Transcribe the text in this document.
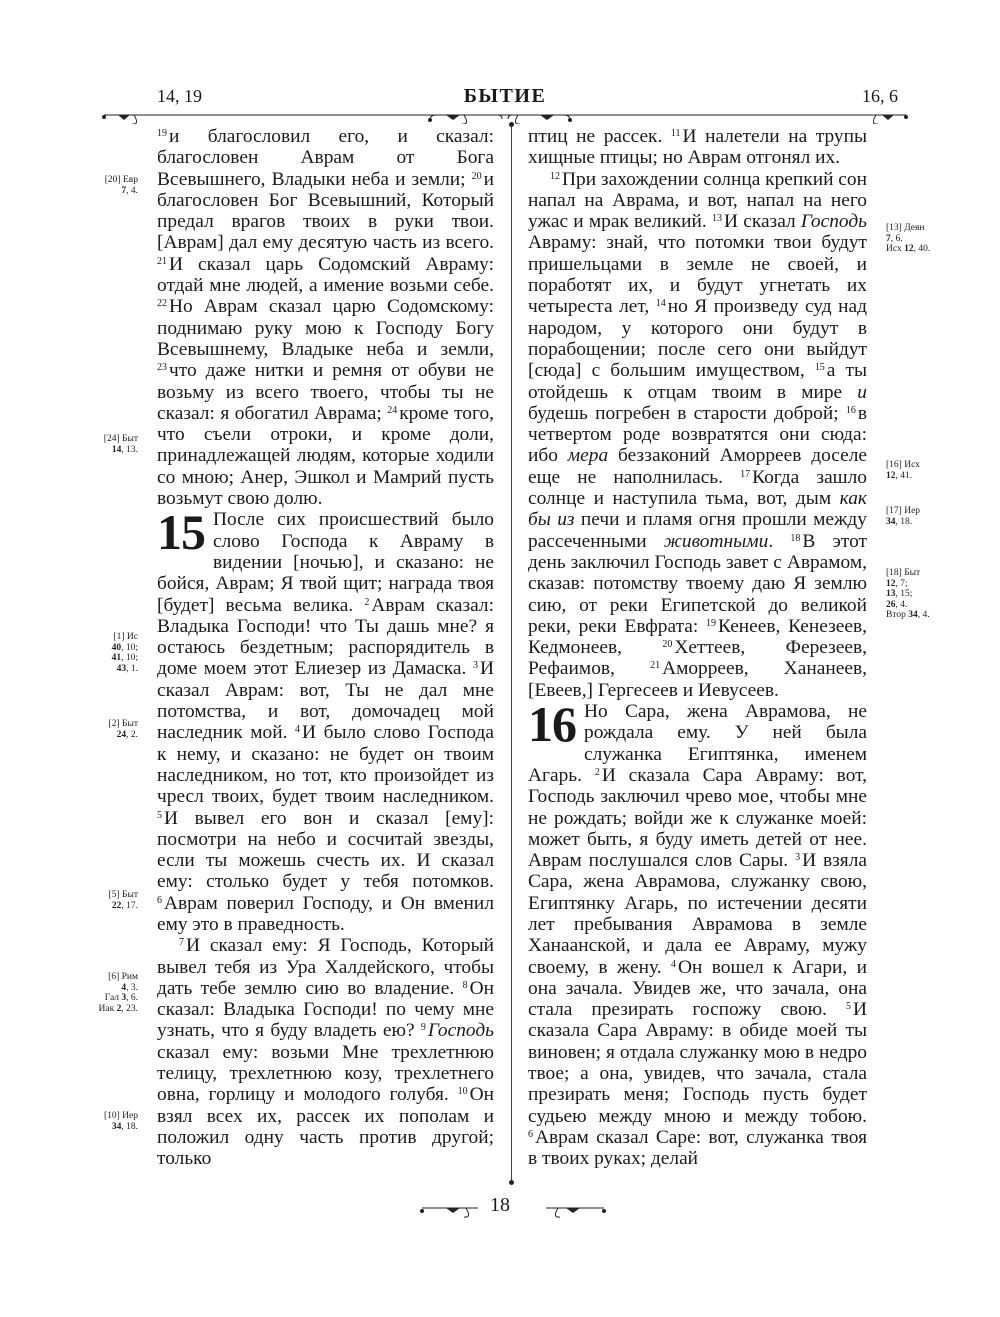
14, 19	БЫТИЕ	16, 6

$^{19}$ и благословил его, и сказал: благословен Аврам от Бога Всевышнего, Владыки неба и земли; $^{20}$ и благословен Бог Всевышний, Который предал врагов твоих в руки твои. [Аврам] дал ему десятую часть из всего. $^{21}$ И сказал царь Содомский Авраму: отдай мне людей, а имение возьми себе. $^{22}$ Но Аврам сказал царю Содомскому: поднимаю руку мою к Господу Богу Всевышнему, Владыке неба и земли, $^{23}$ что даже нитки и ремня от обуви не возьму из всего твоего, чтобы ты не сказал: я обогатил Аврама; $^{24}$ кроме того, что съели отроки, и кроме доли, принадлежащей людям, которые ходили со мною; Анер, Эшкол и Мамрий пусть возьмут свою долю.

15 После сих происшествий было слово Господа к Авраму в видении [ночью], и сказано: не бойся, Аврам; Я твой щит; награда твоя [будет] весьма велика. $^2$ Аврам сказал: Владыка Господи! что Ты дашь мне? я остаюсь бездетным; распорядитель в доме моем этот Елиезер из Дамаска. $^3$ И сказал Аврам: вот, Ты не дал мне потомства, и вот, домочадец мой наследник мой. $^4$ И было слово Господа к нему, и сказано: не будет он твоим наследником, но тот, кто произойдет из чресл твоих, будет твоим наследником. $^5$ И вывел его вон и сказал [ему]: посмотри на небо и сосчитай звезды, если ты можешь счесть их. И сказал ему: столько будет у тебя потомков. $^6$ Аврам поверил Господу, и Он вменил ему это в праведность.

$^7$ И сказал ему: Я Господь, Который вывел тебя из Ура Халдейского, чтобы дать тебе землю сию во владение. $^8$ Он сказал: Владыка Господи! по чему мне узнать, что я буду владеть ею? $^9$ Господь сказал ему: возьми Мне трехлетнюю телицу, трехлетнюю козу, трехлетнего овна, горлицу и молодого голубя. $^{10}$ Он взял всех их, рассек их пополам и положил одну часть против другой; только

птиц не рассек. $^{11}$ И налетели на трупы хищные птицы; но Аврам отгонял их.

$^{12}$ При захождении солнца крепкий сон напал на Аврама, и вот, напал на него ужас и мрак великий. $^{13}$ И сказал Господь Авраму: знай, что потомки твои будут пришельцами в земле не своей, и поработят их, и будут угнетать их четыреста лет, $^{14}$ но Я произведу суд над народом, у которого они будут в порабощении; после сего они выйдут [сюда] с большим имуществом, $^{15}$ а ты отойдешь к отцам твоим в мире и будешь погребен в старости доброй; $^{16}$ в четвертом роде возвратятся они сюда: ибо мера беззаконий Аморреев доселе еще не наполнилась. $^{17}$ Когда зашло солнце и наступила тьма, вот, дым как бы из печи и пламя огня прошли между рассеченными животными. $^{18}$ В этот день заключил Господь завет с Аврамом, сказав: потомству твоему даю Я землю сию, от реки Египетской до великой реки, реки Евфрата: $^{19}$ Кенеев, Кенезеев, Кедмонеев, $^{20}$ Хеттеев, Ферезеев, Рефаимов, $^{21}$ Аморреев, Хананеев, [Евеев,] Гергесеев и Иевусеев.

16 Но Сара, жена Аврамова, не рождала ему. У ней была служанка Египтянка, именем Агарь. $^2$ И сказала Сара Авраму: вот, Господь заключил чрево мое, чтобы мне не рождать; войди же к служанке моей: может быть, я буду иметь детей от нее. Аврам послушался слов Сары. $^3$ И взяла Сара, жена Аврамова, служанку свою, Египтянку Агарь, по истечении десяти лет пребывания Аврамова в земле Ханаанской, и дала ее Авраму, мужу своему, в жену. $^4$ Он вошел к Агари, и она зачала. Увидев же, что зачала, она стала презирать госпожу свою. $^5$ И сказала Сара Авраму: в обиде моей ты виновен; я отдала служанку мою в недро твое; а она, увидев, что зачала, стала презирать меня; Господь пусть будет судьею между мною и между тобою. $^6$ Аврам сказал Саре: вот, служанка твоя в твоих руках; делай

[20] Евр
7, 4.
[24] Быт
14, 13.
[1] Ис
40, 10;
41, 10;
43, 1.
[2] Быт
24, 2.
[5] Быт
22, 17.
[6] Рим
4, 3.
Гал 3, 6.
Иак 2, 23.
[10] Иер
34, 18.
[13] Деян
7, 6.
Исх 12, 40.
[16] Исх
12, 41.
[17] Иер
34, 18.
[18] Быт
12, 7;
13, 15;
26, 4.
Втор 34, 4.
18
